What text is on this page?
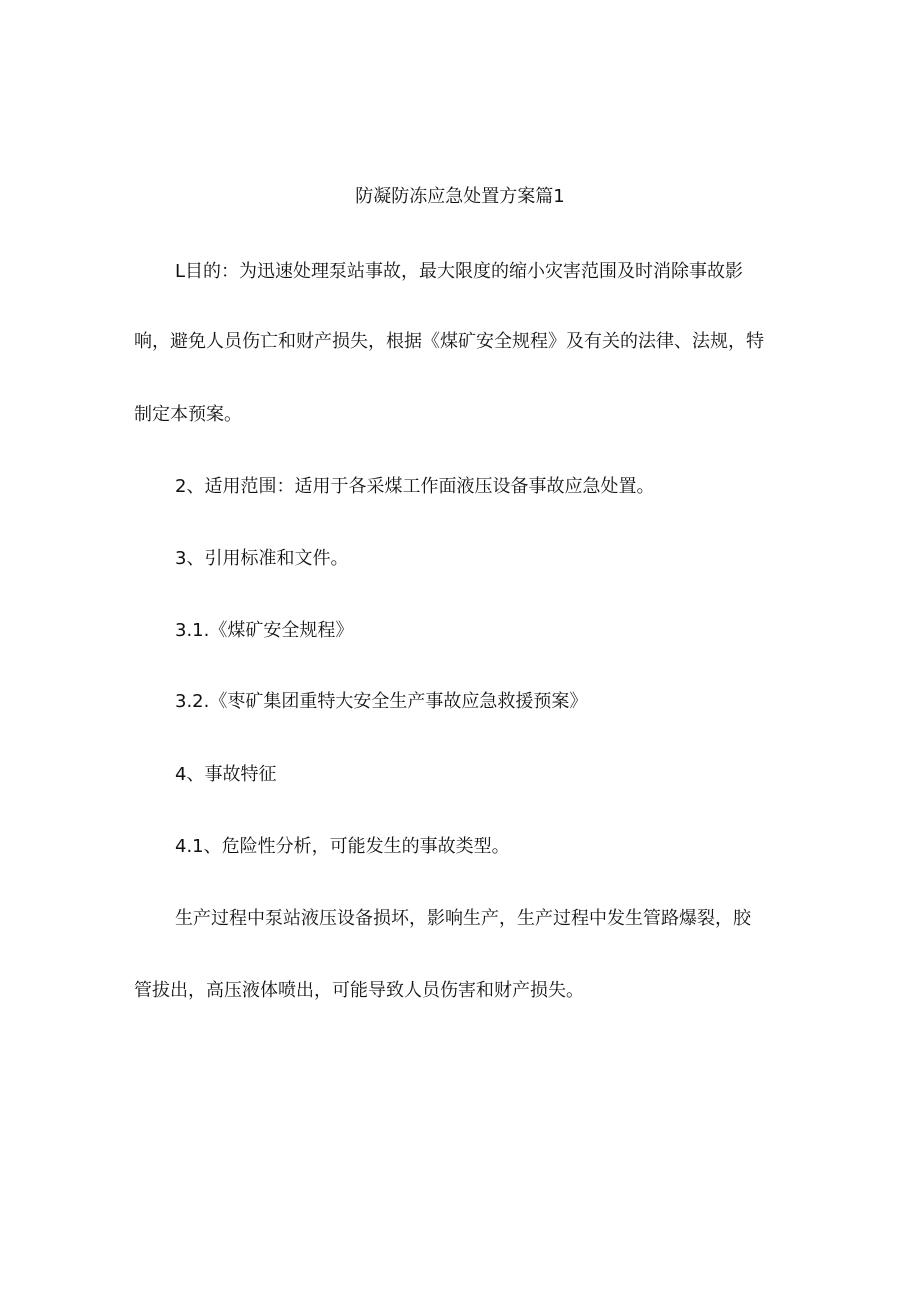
防凝防冻应急处置方案篇1
L目的：为迅速处理泵站事故，最大限度的缩小灾害范围及时消除事故影
响，避免人员伤亡和财产损失，根据《煤矿安全规程》及有关的法律、法规，特
制定本预案。
2、适用范围：适用于各采煤工作面液压设备事故应急处置。
3、引用标准和文件。
3.1.《煤矿安全规程》
3.2.《枣矿集团重特大安全生产事故应急救援预案》
4、事故特征
4.1、危险性分析，可能发生的事故类型。
生产过程中泵站液压设备损坏，影响生产，生产过程中发生管路爆裂，胶
管拔出，高压液体喷出，可能导致人员伤害和财产损失。
